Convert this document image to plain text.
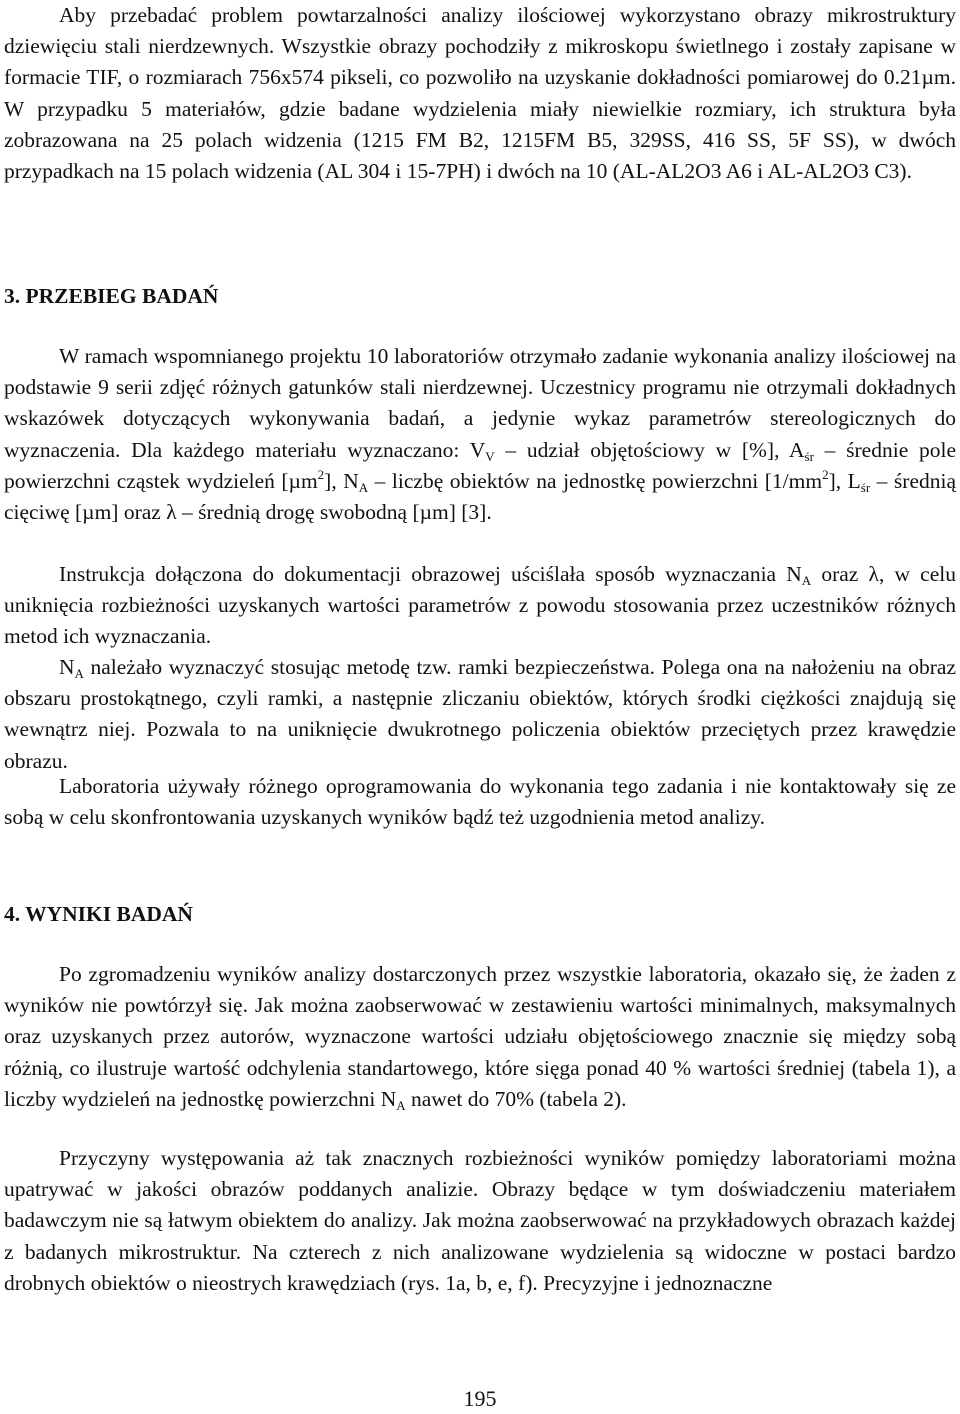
Aby przebadać problem powtarzalności analizy ilościowej wykorzystano obrazy mikrostruktury dziewięciu stali nierdzewnych. Wszystkie obrazy pochodziły z mikroskopu świetlnego i zostały zapisane w formacie TIF, o rozmiarach 756x574 pikseli, co pozwoliło na uzyskanie dokładności pomiarowej do 0.21µm. W przypadku 5 materiałów, gdzie badane wydzielenia miały niewielkie rozmiary, ich struktura była zobrazowana na 25 polach widzenia (1215 FM B2, 1215FM B5, 329SS, 416 SS, 5F SS), w dwóch przypadkach na 15 polach widzenia (AL 304 i 15-7PH) i dwóch na 10 (AL-AL2O3 A6 i AL-AL2O3 C3).

3. PRZEBIEG BADAŃ

W ramach wspomnianego projektu 10 laboratoriów otrzymało zadanie wykonania analizy ilościowej na podstawie 9 serii zdjęć różnych gatunków stali nierdzewnej. Uczestnicy programu nie otrzymali dokładnych wskazówek dotyczących wykonywania badań, a jedynie wykaz parametrów stereologicznych do wyznaczenia. Dla każdego materiału wyznaczano: $V_V$ – udział objętościowy w [%], $A_{śr}$ – średnie pole powierzchni cząstek wydzieleń [µm$^2$], $N_A$ – liczbę obiektów na jednostkę powierzchni $[1/mm^2]$, $L_{śr}$ – średnią cięciwę [µm] oraz λ – średnią drogę swobodną [µm] [3].

Instrukcja dołączona do dokumentacji obrazowej uściślała sposób wyznaczania $N_A$ oraz λ, w celu uniknięcia rozbieżności uzyskanych wartości parametrów z powodu stosowania przez uczestników różnych metod ich wyznaczania.

$N_A$ należało wyznaczyć stosując metodę tzw. ramki bezpieczeństwa. Polega ona na nałożeniu na obraz obszaru prostokątnego, czyli ramki, a następnie zliczaniu obiektów, których środki ciężkości znajdują się wewnątrz niej. Pozwala to na uniknięcie dwukrotnego policzenia obiektów przeciętych przez krawędzie obrazu.

Laboratoria używały różnego oprogramowania do wykonania tego zadania i nie kontaktowały się ze sobą w celu skonfrontowania uzyskanych wyników bądź też uzgodnienia metod analizy.

4. WYNIKI BADAŃ

Po zgromadzeniu wyników analizy dostarczonych przez wszystkie laboratoria, okazało się, że żaden z wyników nie powtórzył się. Jak można zaobserwować w zestawieniu wartości minimalnych, maksymalnych oraz uzyskanych przez autorów, wyznaczone wartości udziału objętościowego znacznie się między sobą różnią, co ilustruje wartość odchylenia standartowego, które sięga ponad 40 % wartości średniej (tabela 1), a liczby wydzieleń na jednostkę powierzchni $N_A$ nawet do 70% (tabela 2).

Przyczyny występowania aż tak znacznych rozbieżności wyników pomiędzy laboratoriami można upatrywać w jakości obrazów poddanych analizie. Obrazy będące w tym doświadczeniu materiałem badawczym nie są łatwym obiektem do analizy. Jak można zaobserwować na przykładowych obrazach każdej z badanych mikrostruktur. Na czterech z nich analizowane wydzielenia są widoczne w postaci bardzo drobnych obiektów o nieostrych krawędziach (rys. 1a, b, e, f). Precyzyjne i jednoznaczne

195
